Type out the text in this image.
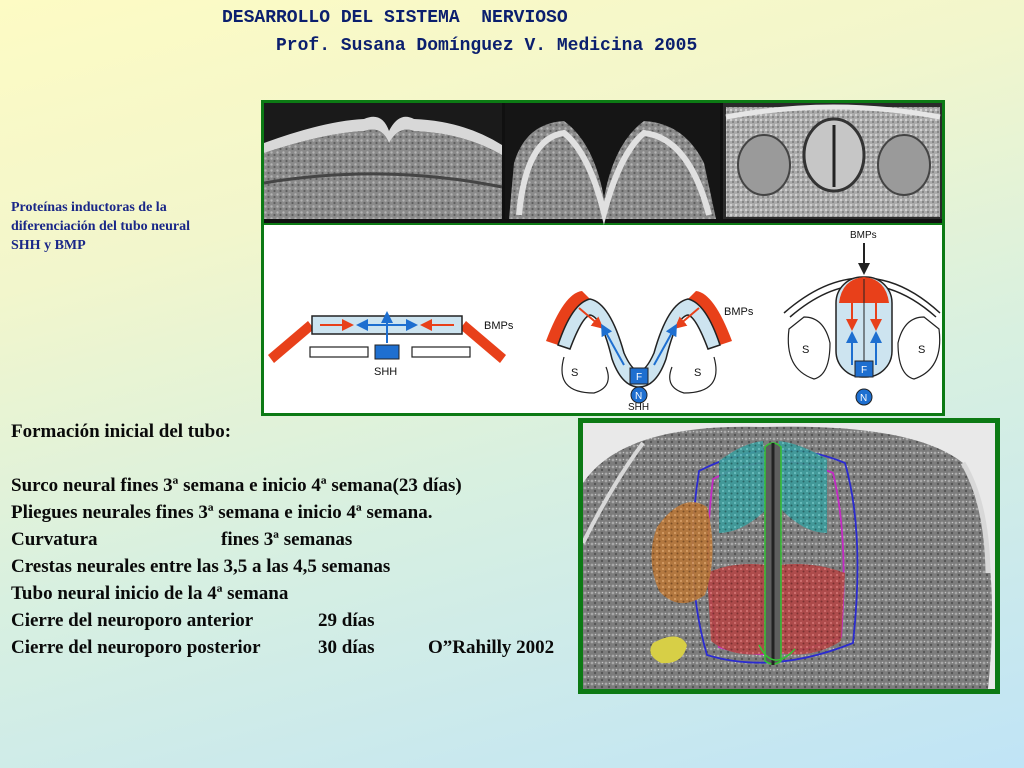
DESARROLLO DEL SISTEMA  NERVIOSO
Prof. Susana Domínguez V. Medicina 2005
Proteínas inductoras de la
diferenciación del tubo neural
SHH y BMP
SHH
BMPs
F
N
SHH
S	S
BMPs
BMPs
F
N
S	S
Formación inicial del tubo:
Surco neural fines 3ª semana e inicio 4ª semana(23 días)
Pliegues neurales fines 3ª semana e inicio 4ª semana.
Curvatura	fines 3ª semanas
Crestas neurales entre las 3,5 a las 4,5 semanas
Tubo neural inicio de la 4ª semana
Cierre del neuroporo anterior	29 días
Cierre del neuroporo posterior	30 días	O”Rahilly 2002
